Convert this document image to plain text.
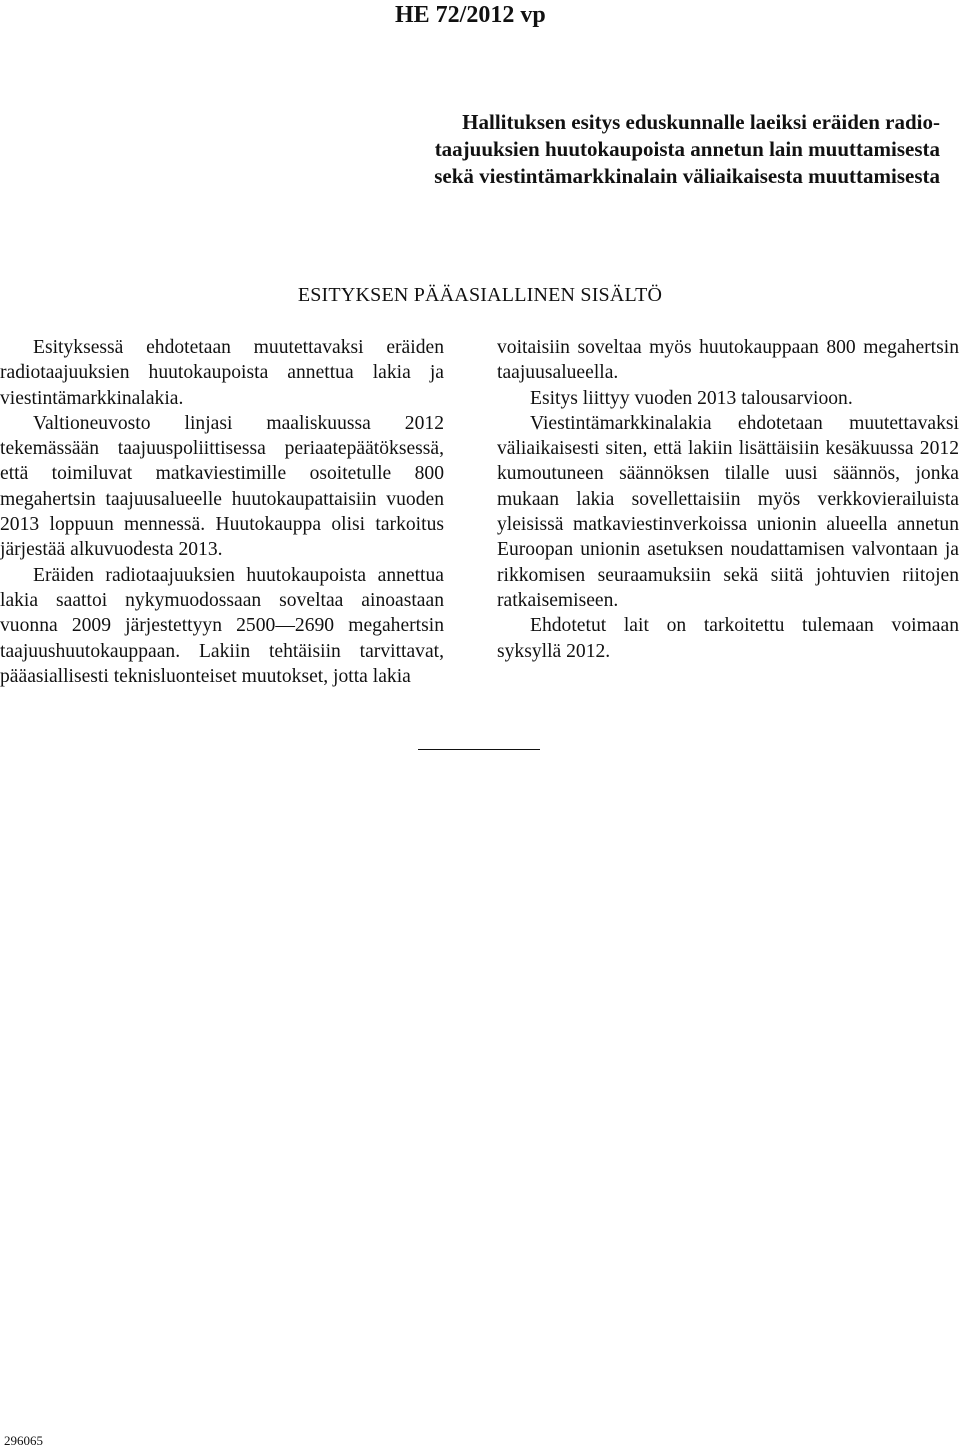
HE 72/2012 vp
Hallituksen esitys eduskunnalle laeiksi eräiden radio-
taajuuksien huutokaupoista annetun lain muuttamisesta
sekä viestintämarkkinalain väliaikaisesta muuttamisesta
ESITYKSEN PÄÄASIALLINEN SISÄLTÖ

Esityksessä ehdotetaan muutettavaksi eräiden radiotaajuuksien huutokaupoista annettua lakia ja viestintämarkkinalakia.

Valtioneuvosto linjasi maaliskuussa 2012 tekemässään taajuuspoliittisessa periaatepäätöksessä, että toimiluvat matkaviestimille osoitetulle 800 megahertsin taajuusalueelle huutokaupattaisiin vuoden 2013 loppuun mennessä. Huutokauppa olisi tarkoitus järjestää alkuvuodesta 2013.

Eräiden radiotaajuuksien huutokaupoista annettua lakia saattoi nykymuodossaan soveltaa ainoastaan vuonna 2009 järjestettyyn 2500—2690 megahertsin taajuushuutokauppaan. Lakiin tehtäisiin tarvittavat, pääasiallisesti teknisluonteiset muutokset, jotta lakia

voitaisiin soveltaa myös huutokauppaan 800 megahertsin taajuusalueella.

Esitys liittyy vuoden 2013 talousarvioon.

Viestintämarkkinalakia ehdotetaan muutettavaksi väliaikaisesti siten, että lakiin lisättäisiin kesäkuussa 2012 kumoutuneen säännöksen tilalle uusi säännös, jonka mukaan lakia sovellettaisiin myös verkkovierailuista yleisissä matkaviestinverkoissa unionin alueella annetun Euroopan unionin asetuksen noudattamisen valvontaan ja rikkomisen seuraamuksiin sekä siitä johtuvien riitojen ratkaisemiseen.

Ehdotetut lait on tarkoitettu tulemaan voimaan syksyllä 2012.

296065
